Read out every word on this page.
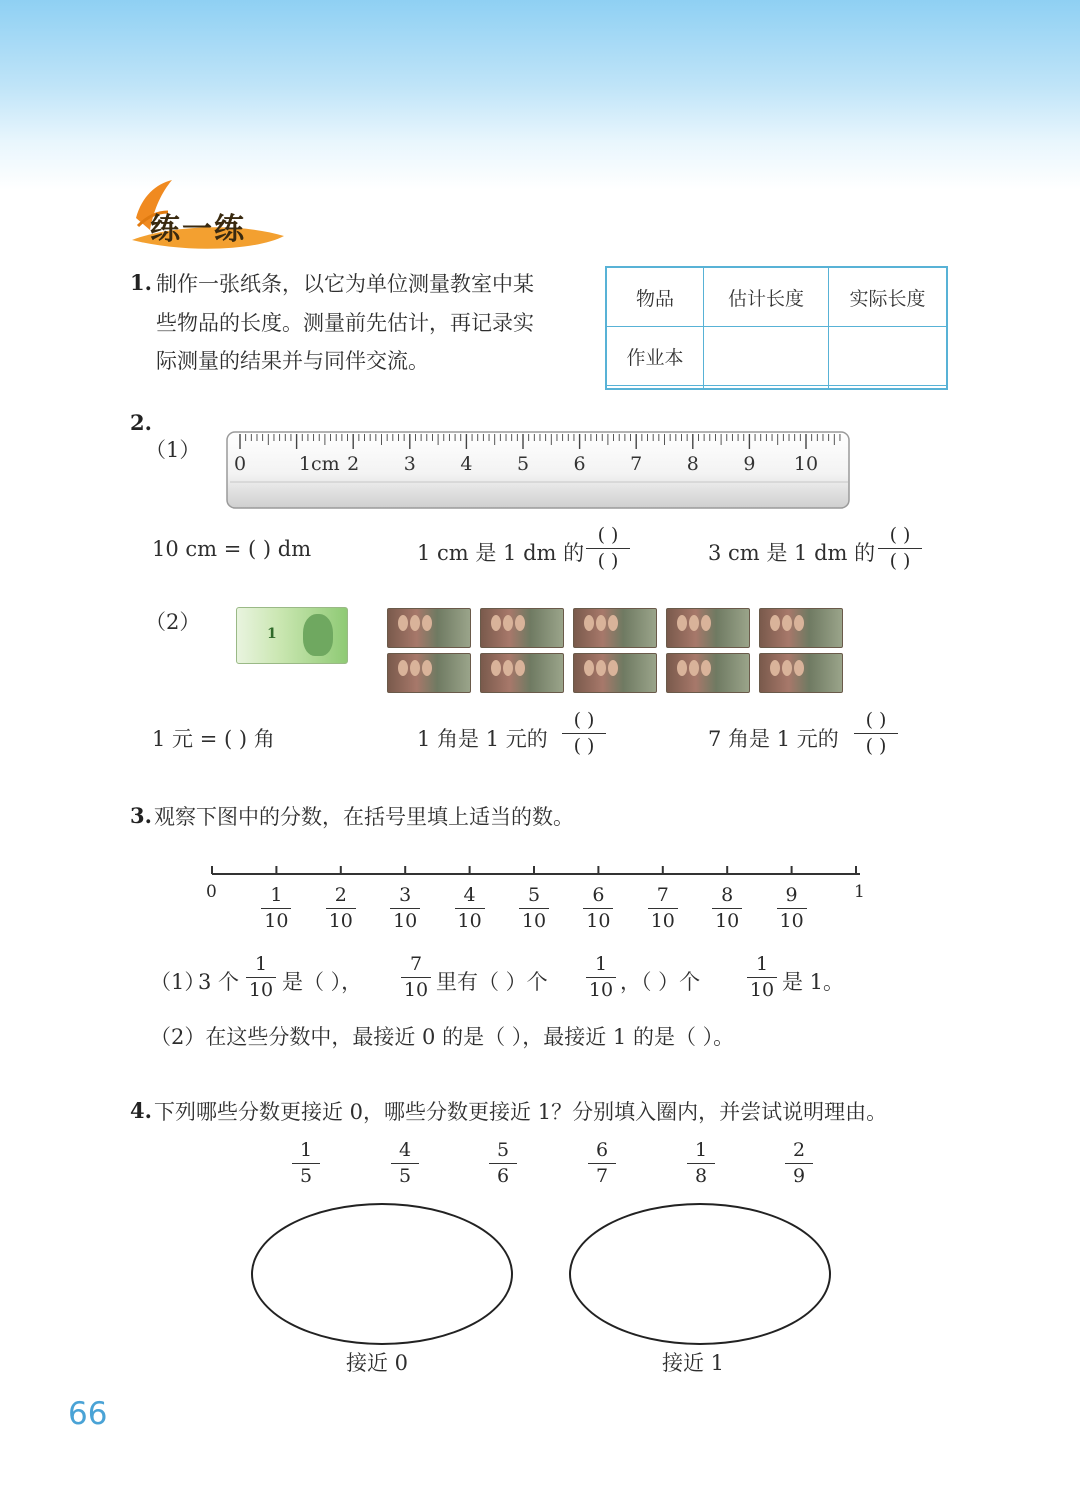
练一练
1. 制作一张纸条，以它为单位测量教室中某
些物品的长度。测量前先估计，再记录实
际测量的结果并与同伴交流。
物品	估计长度	实际长度
作业本		

2.
（1）
0	1cm 2 3 4 5 6 7 8 9 10
10 cm = ( ) dm	1 cm 是 1 dm 的
( )
( )	3 cm 是 1 dm 的
( )
( )
（2）	1
1 元 = ( ) 角	1 角是 1 元的
( )
( )	7 角是 1 元的
( )
( )
3. 观察下图中的分数，在括号里填上适当的数。
0	1
1
10
2
10
3
10
4
10
5
10
6
10
7
10
8
10
9
10
（1）
3 个
1
10 是（ ），
7
10 里有（ ）个
1
10 ，（ ）个
1
10 是 1。
（2）在这些分数中，最接近 0 的是（ ），最接近 1 的是（ ）。
4. 下列哪些分数更接近 0，哪些分数更接近 1？分别填入圈内，并尝试说明理由。
1
5
4
5
5
6
6
7
1
8
2
9
接近 0	接近 1
66
